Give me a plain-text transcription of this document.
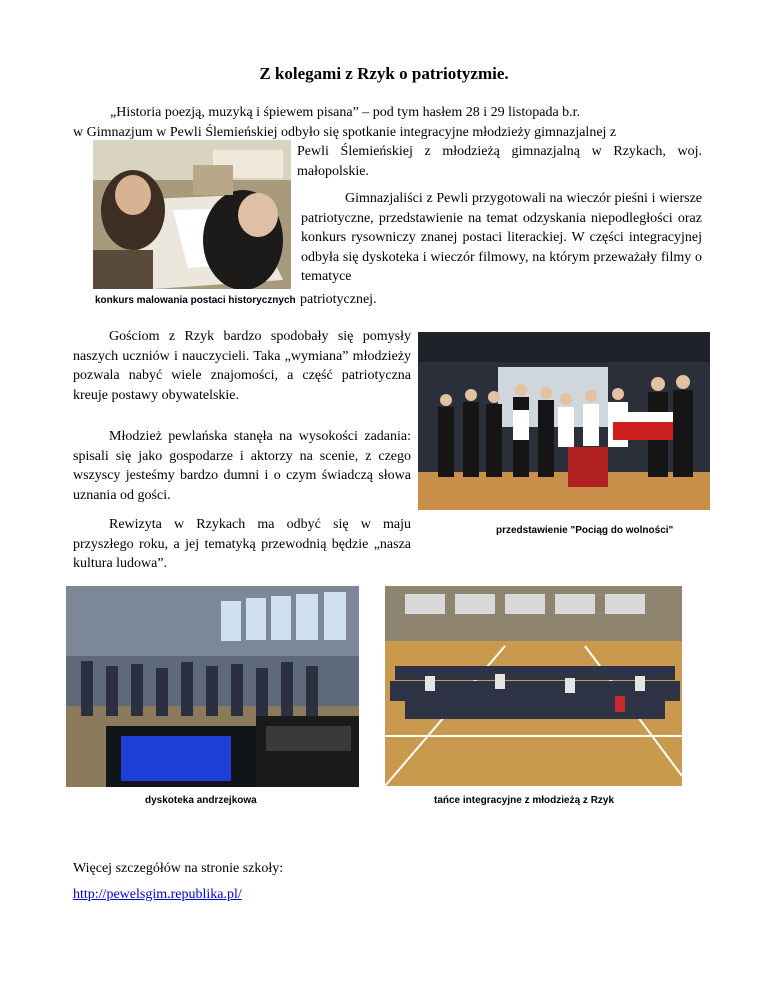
Z kolegami z Rzyk o patriotyzmie.
„Historia poezją, muzyką i śpiewem pisana” – pod tym hasłem 28 i 29 listopada b.r.
w Gimnazjum w Pewli Ślemieńskiej odbyło się spotkanie integracyjne młodzieży gimnazjalnej z
Pewli Ślemieńskiej z młodzieżą gimnazjalną w Rzykach, woj. małopolskie.
konkurs malowania postaci historycznych
Gimnazjaliści z Pewli przygotowali na wieczór pieśni i wiersze patriotyczne, przedstawienie na temat odzyskania niepodległości oraz konkurs rysowniczy znanej postaci literackiej. W części integracyjnej odbyła się dyskoteka i wieczór filmowy, na którym przeważały filmy o tematyce
patriotycznej.
Gościom z Rzyk bardzo spodobały się pomysły naszych uczniów i nauczycieli. Taka „wymiana” młodzieży pozwala nabyć wiele znajomości, a część patriotyczna kreuje postawy obywatelskie.
przedstawienie "Pociąg do wolności"
Młodzież pewlańska stanęła na wysokości zadania: spisali się jako gospodarze i aktorzy na scenie, z czego wszyscy jesteśmy bardzo dumni i o czym świadczą słowa uznania od gości.
Rewizyta w Rzykach ma odbyć się w maju przyszłego roku, a jej tematyką przewodnią będzie „nasza kultura ludowa”.
dyskoteka andrzejkowa	tańce integracyjne z młodzieżą z Rzyk
Więcej szczegółów na stronie szkoły:
http://pewelsgim.republika.pl/
